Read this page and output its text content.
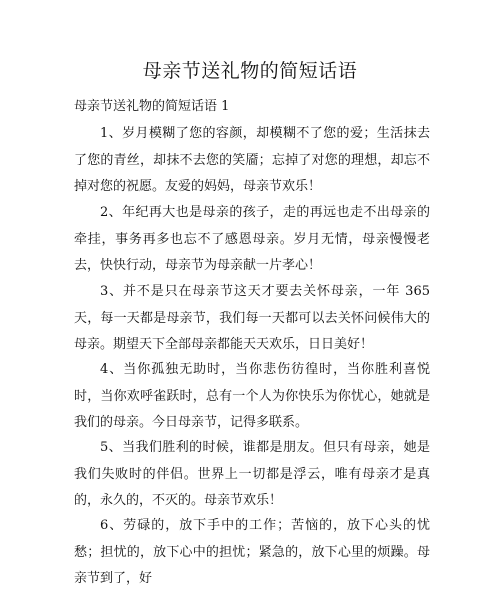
母亲节送礼物的简短话语
母亲节送礼物的简短话语 1

1、岁月模糊了您的容颜，却模糊不了您的爱；生活抹去了您的青丝，却抹不去您的笑靥；忘掉了对您的理想，却忘不掉对您的祝愿。友爱的妈妈，母亲节欢乐！

2、年纪再大也是母亲的孩子，走的再远也走不出母亲的牵挂，事务再多也忘不了感恩母亲。岁月无情，母亲慢慢老去，快快行动，母亲节为母亲献一片孝心！

3、并不是只在母亲节这天才要去关怀母亲，一年 365 天，每一天都是母亲节，我们每一天都可以去关怀问候伟大的母亲。期望天下全部母亲都能天天欢乐，日日美好！

4、当你孤独无助时，当你悲伤彷徨时，当你胜利喜悦时，当你欢呼雀跃时，总有一个人为你快乐为你忧心，她就是我们的母亲。今日母亲节，记得多联系。

5、当我们胜利的时候，谁都是朋友。但只有母亲，她是我们失败时的伴侣。世界上一切都是浮云，唯有母亲才是真的，永久的，不灭的。母亲节欢乐！

6、劳碌的，放下手中的工作；苦恼的，放下心头的忧愁；担忧的，放下心中的担忧；紧急的，放下心里的烦躁。母亲节到了，好
